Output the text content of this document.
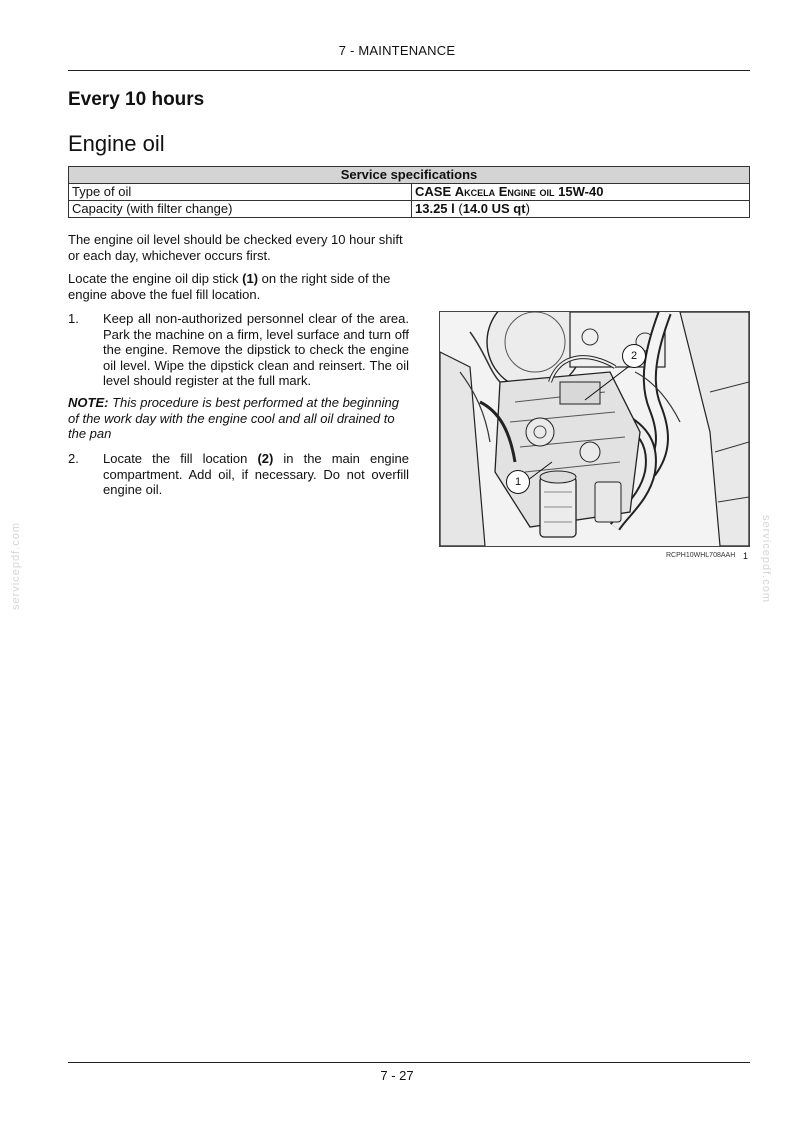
7 - MAINTENANCE
Every 10 hours
Engine oil
Service specifications	
Type of oil	CASE Akcela Engine oil 15W-40
Capacity (with filter change)	13.25 l (14.0 US qt)

The engine oil level should be checked every 10 hour shift or each day, whichever occurs first.

Locate the engine oil dip stick (1) on the right side of the engine above the fuel fill location.

1.	Keep all non-authorized personnel clear of the area. Park the machine on a firm, level surface and turn off the engine. Remove the dipstick to check the engine oil level. Wipe the dipstick clean and reinsert. The oil level should register at the full mark.

NOTE: This procedure is best performed at the beginning of the work day with the engine cool and all oil drained to the pan

2.	Locate the fill location (2) in the main engine compartment. Add oil, if necessary. Do not overfill engine oil.
2
1
RCPH10WHL708AAH 1
servicepdf.com	servicepdf.com
7 - 27
